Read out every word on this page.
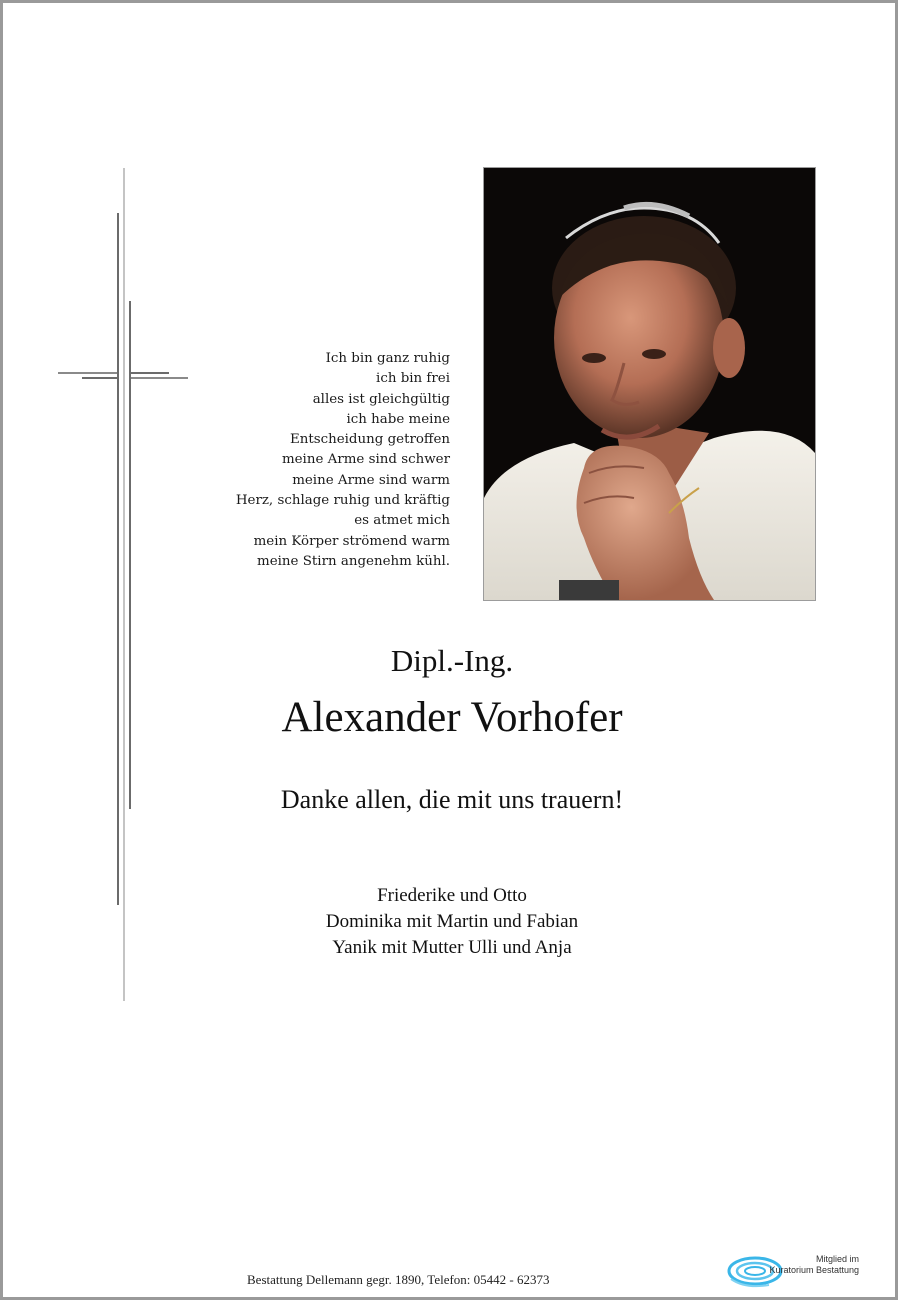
Ich bin ganz ruhig
ich bin frei
alles ist gleichgültig
ich habe meine
Entscheidung getroffen
meine Arme sind schwer
meine Arme sind warm
Herz, schlage ruhig und kräftig
es atmet mich
mein Körper strömend warm
meine Stirn angenehm kühl.
Dipl.-Ing.
Alexander Vorhofer
Danke allen, die mit uns trauern!
Friederike und Otto
Dominika mit Martin und Fabian
Yanik mit Mutter Ulli und Anja
Bestattung Dellemann gegr. 1890, Telefon: 05442 - 62373
Mitglied im
Kuratorium Bestattung
